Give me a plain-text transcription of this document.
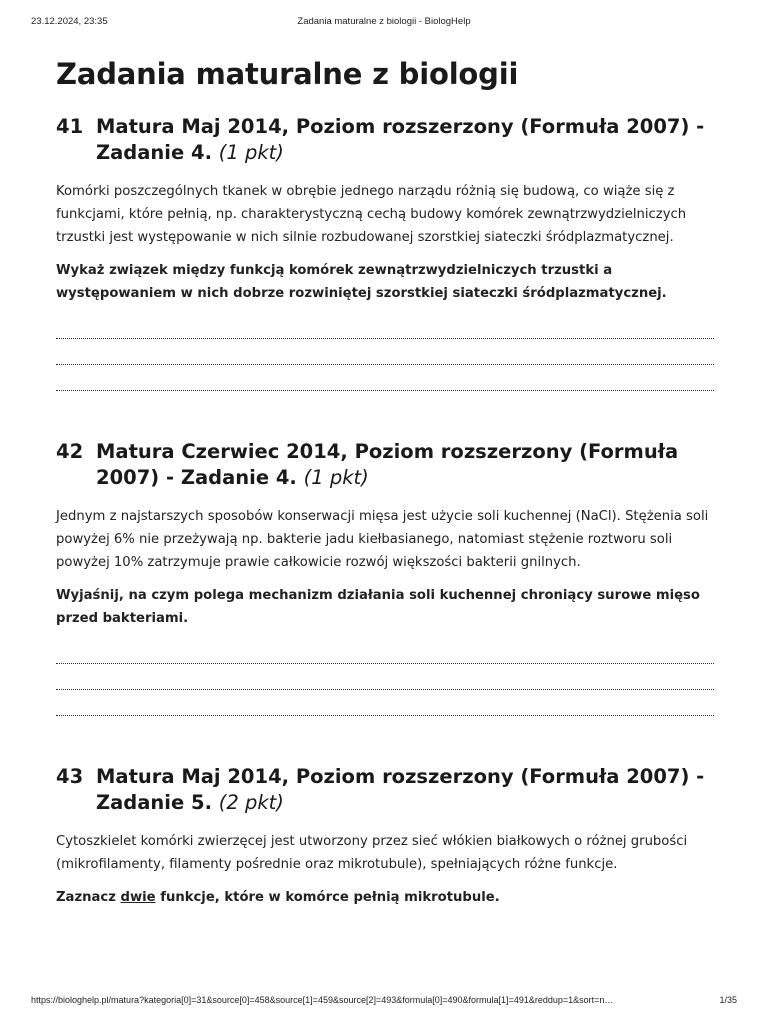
23.12.2024, 23:35	Zadania maturalne z biologii - BiologHelp
Zadania maturalne z biologii
41 Matura Maj 2014, Poziom rozszerzony (Formuła 2007) - Zadanie 4. (1 pkt)

Komórki poszczególnych tkanek w obrębie jednego narządu różnią się budową, co wiąże się z funkcjami, które pełnią, np. charakterystyczną cechą budowy komórek zewnątrzwydzielniczych trzustki jest występowanie w nich silnie rozbudowanej szorstkiej siateczki śródplazmatycznej.

Wykaż związek między funkcją komórek zewnątrzwydzielniczych trzustki a występowaniem w nich dobrze rozwiniętej szorstkiej siateczki śródplazmatycznej.

42 Matura Czerwiec 2014, Poziom rozszerzony (Formuła 2007) - Zadanie 4. (1 pkt)

Jednym z najstarszych sposobów konserwacji mięsa jest użycie soli kuchennej (NaCl). Stężenia soli powyżej 6% nie przeżywają np. bakterie jadu kiełbasianego, natomiast stężenie roztworu soli powyżej 10% zatrzymuje prawie całkowicie rozwój większości bakterii gnilnych.

Wyjaśnij, na czym polega mechanizm działania soli kuchennej chroniący surowe mięso przed bakteriami.

43 Matura Maj 2014, Poziom rozszerzony (Formuła 2007) - Zadanie 5. (2 pkt)

Cytoszkielet komórki zwierzęcej jest utworzony przez sieć włókien białkowych o różnej grubości (mikrofilamenty, filamenty pośrednie oraz mikrotubule), spełniających różne funkcje.

Zaznacz dwie funkcje, które w komórce pełnią mikrotubule.

https://biologhelp.pl/matura?kategoria[0]=31&source[0]=458&source[1]=459&source[2]=493&formula[0]=490&formula[1]=491&reddup=1&sort=n…	1/35
